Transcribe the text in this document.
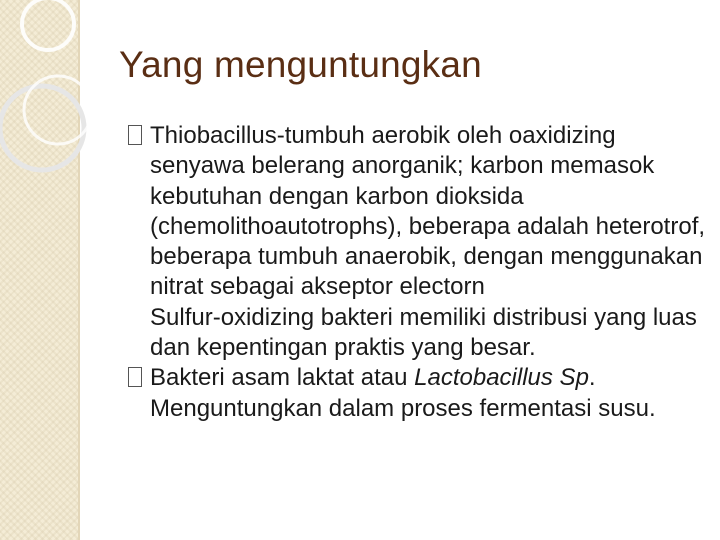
Yang menguntungkan

Thiobacillus-tumbuh aerobik oleh oaxidizing senyawa belerang anorganik; karbon memasok kebutuhan dengan karbon dioksida (chemolithoautotrophs), beberapa adalah heterotrof, beberapa tumbuh anaerobik, dengan menggunakan nitrat sebagai akseptor electorn

Sulfur-oxidizing bakteri memiliki distribusi yang luas dan kepentingan praktis yang besar.

Bakteri asam laktat atau Lactobacillus Sp. Menguntungkan dalam proses fermentasi susu.
